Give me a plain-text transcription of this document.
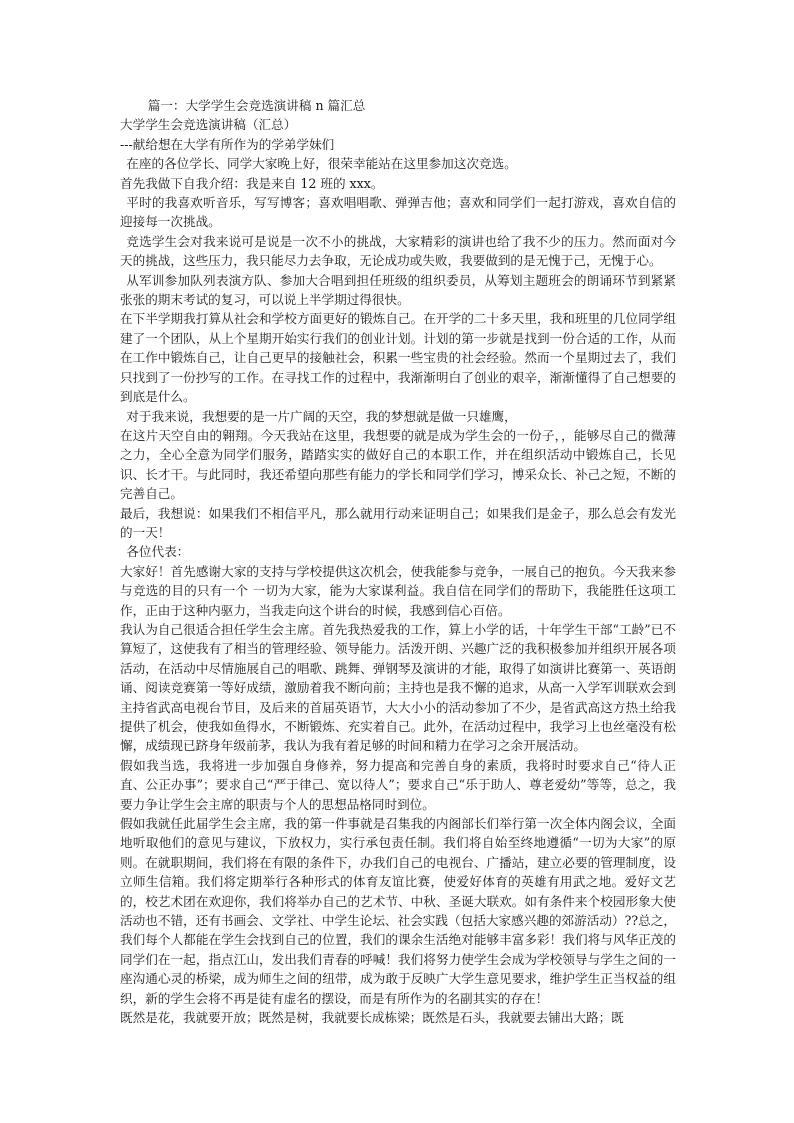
篇一：大学学生会竞选演讲稿 n 篇汇总

大学学生会竞选演讲稿（汇总）

---献给想在大学有所作为的学弟学妹们

在座的各位学长、同学大家晚上好，很荣幸能站在这里参加这次竞选。

首先我做下自我介绍：我是来自 12 班的 xxx。

平时的我喜欢听音乐，写写博客；喜欢唱唱歌、弹弹吉他；喜欢和同学们一起打游戏，喜欢自信的迎接每一次挑战。

竞选学生会对我来说可是说是一次不小的挑战，大家精彩的演讲也给了我不少的压力。然而面对今天的挑战，这些压力，我只能尽力去争取，无论成功或失败，我要做到的是无愧于己，无愧于心。

从军训参加队列表演方队、参加大合唱到担任班级的组织委员，从筹划主题班会的朗诵环节到紧紧张张的期末考试的复习，可以说上半学期过得很快。

在下半学期我打算从社会和学校方面更好的锻炼自己。在开学的二十多天里，我和班里的几位同学组建了一个团队，从上个星期开始实行我们的创业计划。计划的第一步就是找到一份合适的工作，从而在工作中锻炼自己，让自己更早的接触社会，积累一些宝贵的社会经验。然而一个星期过去了，我们只找到了一份抄写的工作。在寻找工作的过程中，我渐渐明白了创业的艰辛，渐渐懂得了自己想要的到底是什么。

对于我来说，我想要的是一片广阔的天空，我的梦想就是做一只雄鹰，

在这片天空自由的翱翔。今天我站在这里，我想要的就是成为学生会的一份子，，能够尽自己的微薄之力，全心全意为同学们服务，踏踏实实的做好自己的本职工作，并在组织活动中锻炼自己，长见识、长才干。与此同时，我还希望向那些有能力的学长和同学们学习，博采众长、补己之短，不断的完善自己。

最后，我想说：如果我们不相信平凡，那么就用行动来证明自己；如果我们是金子，那么总会有发光的一天！

各位代表：

大家好！首先感谢大家的支持与学校提供这次机会，使我能参与竞争，一展自己的抱负。今天我来参与竞选的目的只有一个 一切为大家，能为大家谋利益。我自信在同学们的帮助下，我能胜任这项工作，正由于这种内驱力，当我走向这个讲台的时候，我感到信心百倍。

我认为自己很适合担任学生会主席。首先我热爱我的工作，算上小学的话，十年学生干部“工龄”已不算短了，这使我有了相当的管理经验、领导能力。活泼开朗、兴趣广泛的我积极参加并组织开展各项活动，在活动中尽情施展自己的唱歌、跳舞、弹钢琴及演讲的才能，取得了如演讲比赛第一、英语朗诵、阅读竞赛第一等好成绩，激励着我不断向前；主持也是我不懈的追求，从高一入学军训联欢会到主持省武高电视台节目，及后来的首届英语节，大大小小的活动参加了不少，是省武高这方热土给我提供了机会，使我如鱼得水，不断锻炼、充实着自己。此外，在活动过程中，我学习上也丝毫没有松懈，成绩现已跻身年级前茅，我认为我有着足够的时间和精力在学习之余开展活动。

假如我当选，我将进一步加强自身修养，努力提高和完善自身的素质，我将时时要求自己“待人正直、公正办事”；要求自己“严于律己、宽以待人”；要求自己“乐于助人、尊老爱幼”等等，总之，我要力争让学生会主席的职责与个人的思想品格同时到位。

假如我就任此届学生会主席，我的第一件事就是召集我的内阁部长们举行第一次全体内阁会议，全面地听取他们的意见与建议，下放权力，实行承包责任制。我们将自始至终地遵循“一切为大家”的原则。在就职期间，我们将在有限的条件下，办我们自己的电视台、广播站，建立必要的管理制度，设立师生信箱。我们将定期举行各种形式的体育友谊比赛，使爱好体育的英雄有用武之地。爱好文艺的，校艺术团在欢迎你，我们将举办自己的艺术节、中秋、圣诞大联欢。如有条件来个校园形象大使活动也不错，还有书画会、文学社、中学生论坛、社会实践（包括大家感兴趣的郊游活动）??总之，我们每个人都能在学生会找到自己的位置，我们的课余生活绝对能够丰富多彩！我们将与风华正茂的同学们在一起，指点江山，发出我们青春的呼喊！我们将努力使学生会成为学校领导与学生之间的一座沟通心灵的桥梁，成为师生之间的纽带，成为敢于反映广大学生意见要求，维护学生正当权益的组织，新的学生会将不再是徒有虚名的摆设，而是有所作为的名副其实的存在！

既然是花，我就要开放；既然是树，我就要长成栋梁；既然是石头，我就要去铺出大路；既
